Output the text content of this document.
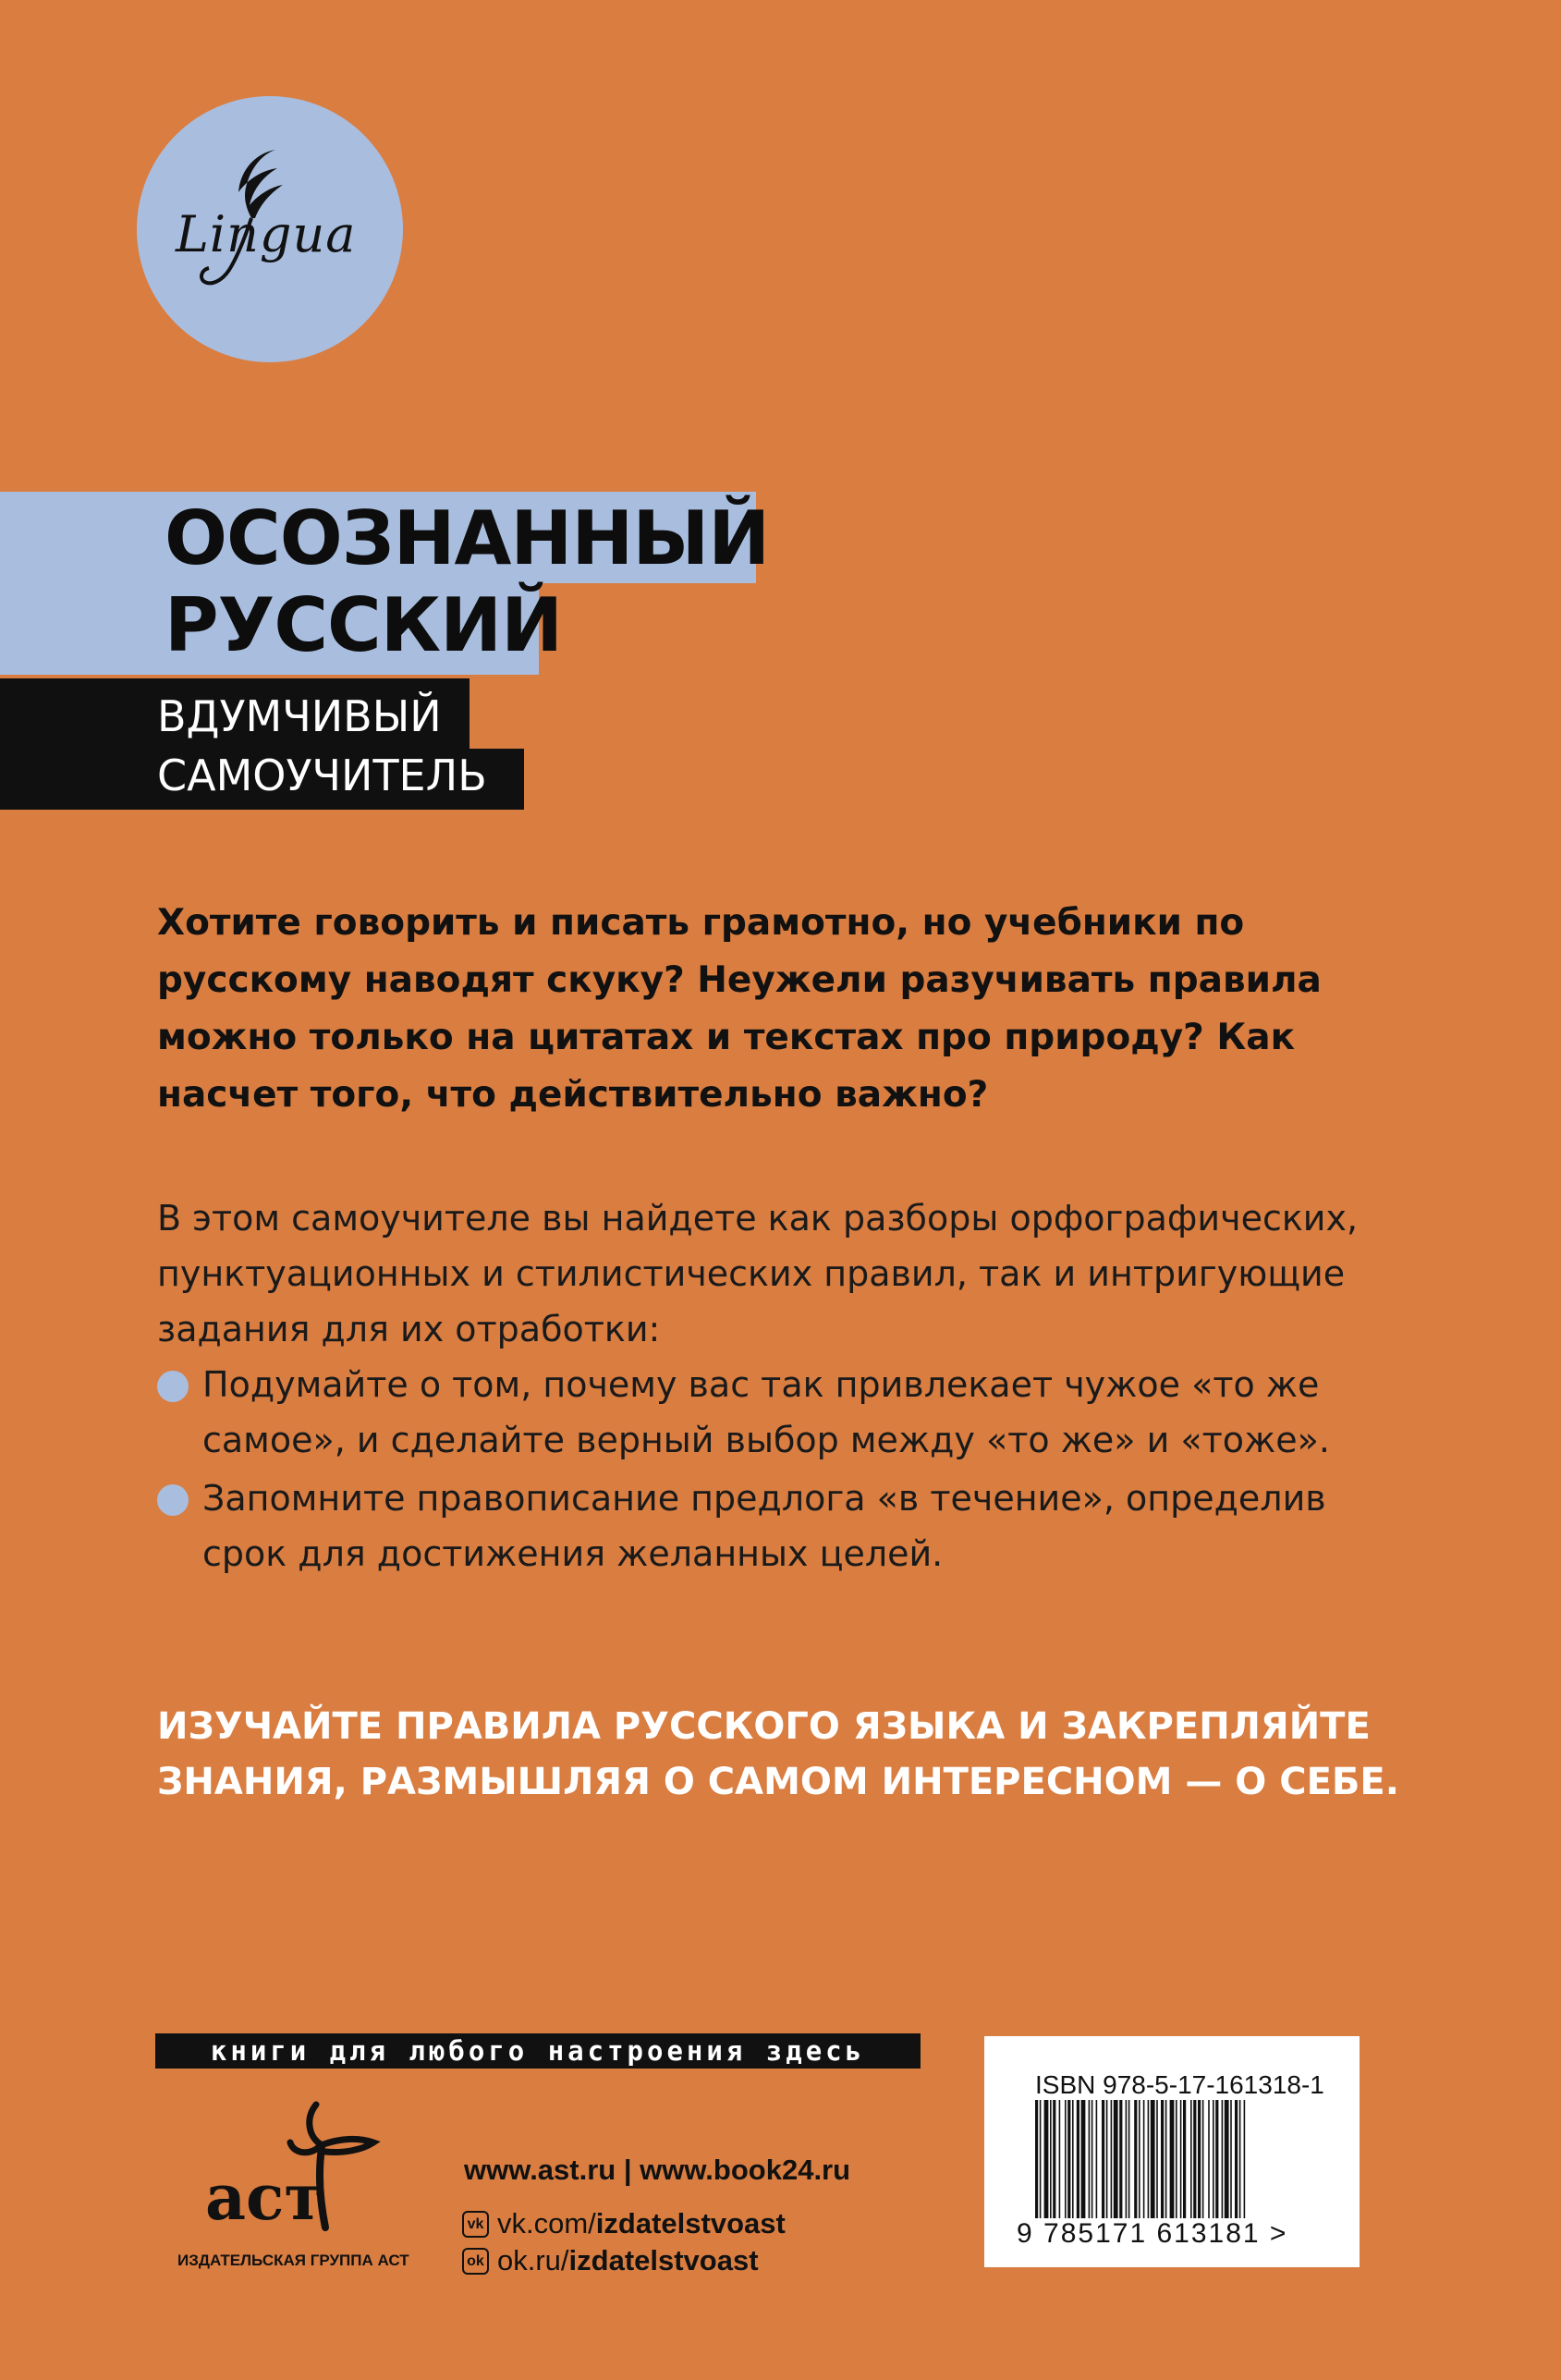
Lingua
ОСОЗНАННЫЙ
РУССКИЙ
ВДУМЧИВЫЙ
САМОУЧИТЕЛЬ
Хотите говорить и писать грамотно, но учебники по
русскому наводят скуку? Неужели разучивать правила
можно только на цитатах и текстах про природу? Как
насчет того, что действительно важно?
В этом самоучителе вы найдете как разборы орфографических,
пунктуационных и стилистических правил, так и интригующие
задания для их отработки:
Подумайте о том, почему вас так привлекает чужое «то же
самое», и сделайте верный выбор между «то же» и «тоже».
Запомните правописание предлога «в течение», определив
срок для достижения желанных целей.
ИЗУЧАЙТЕ ПРАВИЛА РУССКОГО ЯЗЫКА И ЗАКРЕПЛЯЙТЕ
ЗНАНИЯ, РАЗМЫШЛЯЯ О САМОМ ИНТЕРЕСНОМ — О СЕБЕ.
книги для любого настроения здесь
аст
ИЗДАТЕЛЬСКАЯ ГРУППА АСТ
www.ast.ru | www.book24.ru
vk vk.com/izdatelstvoast
ok ok.ru/izdatelstvoast
ISBN 978-5-17-161318-1
9 785171 613181 >
